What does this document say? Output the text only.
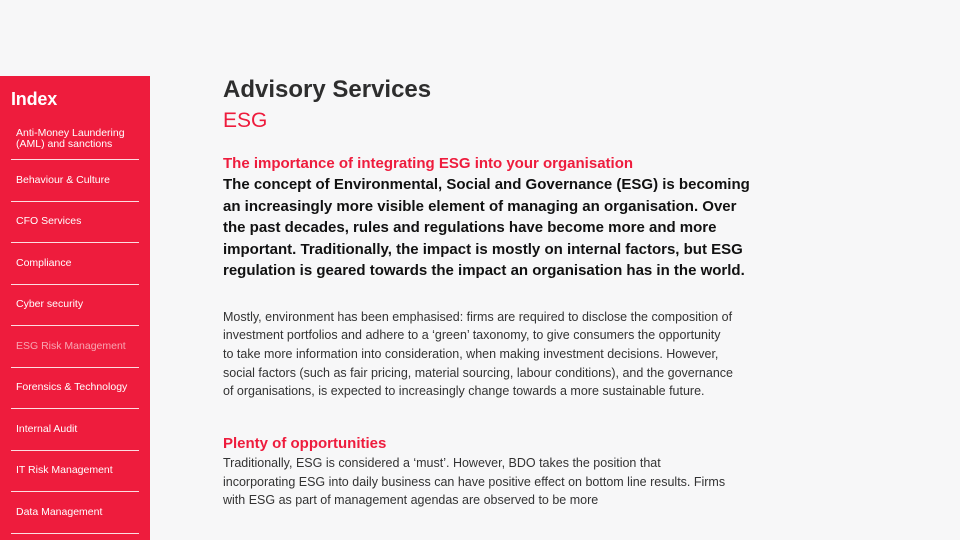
Index
Anti-Money Laundering (AML) and sanctions
Behaviour & Culture
CFO Services
Compliance
Cyber security
ESG Risk Management
Forensics & Technology
Internal Audit
IT Risk Management
Data Management
Advisory Services
ESG
The importance of integrating ESG into your organisation

The concept of Environmental, Social and Governance (ESG) is becoming an increasingly more visible element of managing an organisation. Over the past decades, rules and regulations have become more and more important. Traditionally, the impact is mostly on internal factors, but ESG regulation is geared towards the impact an organisation has in the world.

Mostly, environment has been emphasised: firms are required to disclose the composition of investment portfolios and adhere to a ‘green’ taxonomy, to give consumers the opportunity to take more information into consideration, when making investment decisions. However, social factors (such as fair pricing, material sourcing, labour conditions), and the governance of organisations, is expected to increasingly change towards a more sustainable future.

Plenty of opportunities

Traditionally, ESG is considered a ‘must’. However, BDO takes the position that incorporating ESG into daily business can have positive effect on bottom line results. Firms with ESG as part of management agendas are observed to be more
